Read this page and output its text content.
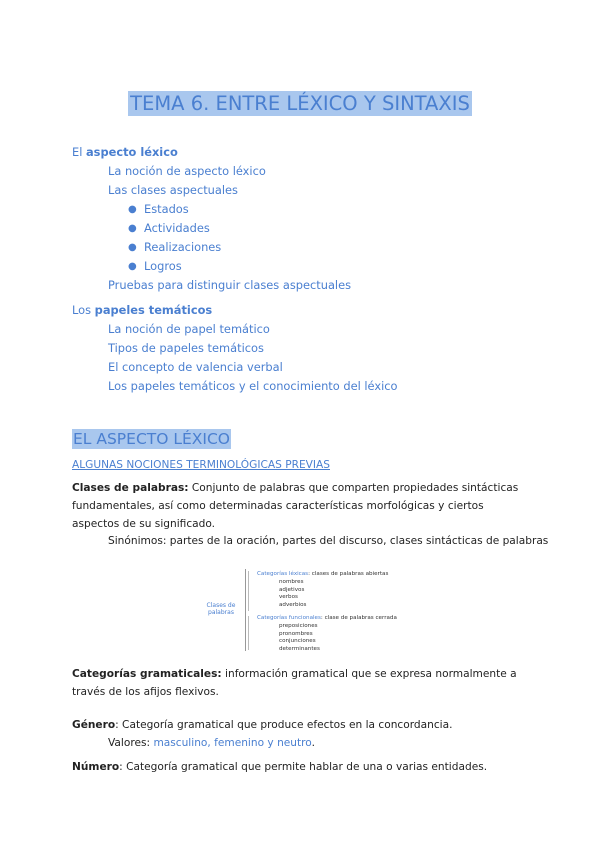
TEMA 6. ENTRE LÉXICO Y SINTAXIS
El aspecto léxico
La noción de aspecto léxico
Las clases aspectuales
● Estados
● Actividades
● Realizaciones
● Logros
Pruebas para distinguir clases aspectuales
Los papeles temáticos
La noción de papel temático
Tipos de papeles temáticos
El concepto de valencia verbal
Los papeles temáticos y el conocimiento del léxico
EL ASPECTO LÉXICO
ALGUNAS NOCIONES TERMINOLÓGICAS PREVIAS
Clases de palabras: Conjunto de palabras que comparten propiedades sintácticas fundamentales, así como determinadas características morfológicas y ciertos aspectos de su significado.
Sinónimos: partes de la oración, partes del discurso, clases sintácticas de palabras
Clases de palabras
Categorías léxicas: clases de palabras abiertas
nombres
adjetivos
verbos
adverbios
Categorías funcionales: clase de palabras cerrada
preposiciones
pronombres
conjunciones
determinantes
Categorías gramaticales: información gramatical que se expresa normalmente a través de los afijos flexivos.
Género: Categoría gramatical que produce efectos en la concordancia.
Valores: masculino, femenino y neutro.
Número: Categoría gramatical que permite hablar de una o varias entidades.
